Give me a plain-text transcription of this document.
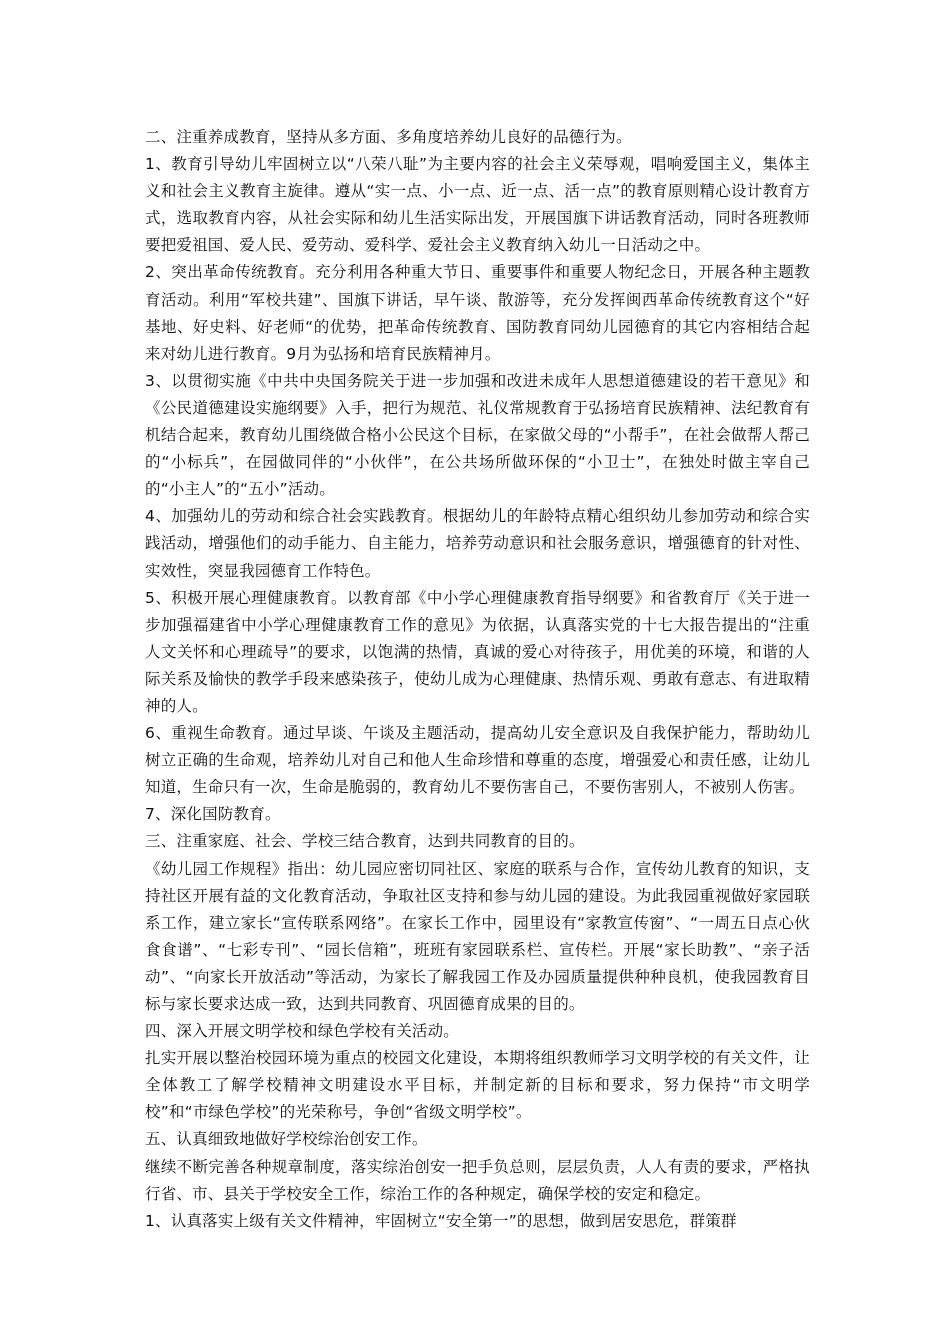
二、注重养成教育，坚持从多方面、多角度培养幼儿良好的品德行为。

1、教育引导幼儿牢固树立以“八荣八耻”为主要内容的社会主义荣辱观，唱响爱国主义，集体主义和社会主义教育主旋律。遵从“实一点、小一点、近一点、活一点”的教育原则精心设计教育方式，选取教育内容，从社会实际和幼儿生活实际出发，开展国旗下讲话教育活动，同时各班教师要把爱祖国、爱人民、爱劳动、爱科学、爱社会主义教育纳入幼儿一日活动之中。

2、突出革命传统教育。充分利用各种重大节日、重要事件和重要人物纪念日，开展各种主题教育活动。利用“军校共建”、国旗下讲话，早午谈、散游等，充分发挥闽西革命传统教育这个“好基地、好史料、好老师“的优势，把革命传统教育、国防教育同幼儿园德育的其它内容相结合起来对幼儿进行教育。9月为弘扬和培育民族精神月。

3、以贯彻实施《中共中央国务院关于进一步加强和改进未成年人思想道德建设的若干意见》和《公民道德建设实施纲要》入手，把行为规范、礼仪常规教育于弘扬培育民族精神、法纪教育有机结合起来，教育幼儿围绕做合格小公民这个目标，在家做父母的“小帮手”，在社会做帮人帮己的“小标兵”，在园做同伴的“小伙伴”，在公共场所做环保的“小卫士”，在独处时做主宰自己的“小主人”的“五小”活动。

4、加强幼儿的劳动和综合社会实践教育。根据幼儿的年龄特点精心组织幼儿参加劳动和综合实践活动，增强他们的动手能力、自主能力，培养劳动意识和社会服务意识，增强德育的针对性、实效性，突显我园德育工作特色。

5、积极开展心理健康教育。以教育部《中小学心理健康教育指导纲要》和省教育厅《关于进一步加强福建省中小学心理健康教育工作的意见》为依据，认真落实党的十七大报告提出的“注重人文关怀和心理疏导”的要求，以饱满的热情，真诚的爱心对待孩子，用优美的环境，和谐的人际关系及愉快的教学手段来感染孩子，使幼儿成为心理健康、热情乐观、勇敢有意志、有进取精神的人。

6、重视生命教育。通过早谈、午谈及主题活动，提高幼儿安全意识及自我保护能力，帮助幼儿树立正确的生命观，培养幼儿对自己和他人生命珍惜和尊重的态度，增强爱心和责任感，让幼儿知道，生命只有一次，生命是脆弱的，教育幼儿不要伤害自己，不要伤害别人，不被别人伤害。

7、深化国防教育。

三、注重家庭、社会、学校三结合教育，达到共同教育的目的。

《幼儿园工作规程》指出：幼儿园应密切同社区、家庭的联系与合作，宣传幼儿教育的知识，支持社区开展有益的文化教育活动，争取社区支持和参与幼儿园的建设。为此我园重视做好家园联系工作，建立家长“宣传联系网络”。在家长工作中，园里设有“家教宣传窗”、“一周五日点心伙食食谱”、“七彩专刊”、“园长信箱”，班班有家园联系栏、宣传栏。开展“家长助教”、“亲子活动”、“向家长开放活动”等活动，为家长了解我园工作及办园质量提供种种良机，使我园教育目标与家长要求达成一致，达到共同教育、巩固德育成果的目的。

四、深入开展文明学校和绿色学校有关活动。

扎实开展以整治校园环境为重点的校园文化建设，本期将组织教师学习文明学校的有关文件，让全体教工了解学校精神文明建设水平目标，并制定新的目标和要求，努力保持“市文明学校”和“市绿色学校”的光荣称号，争创“省级文明学校”。

五、认真细致地做好学校综治创安工作。

继续不断完善各种规章制度，落实综治创安一把手负总则，层层负责，人人有责的要求，严格执行省、市、县关于学校安全工作，综治工作的各种规定，确保学校的安定和稳定。

1、认真落实上级有关文件精神，牢固树立“安全第一”的思想，做到居安思危，群策群
